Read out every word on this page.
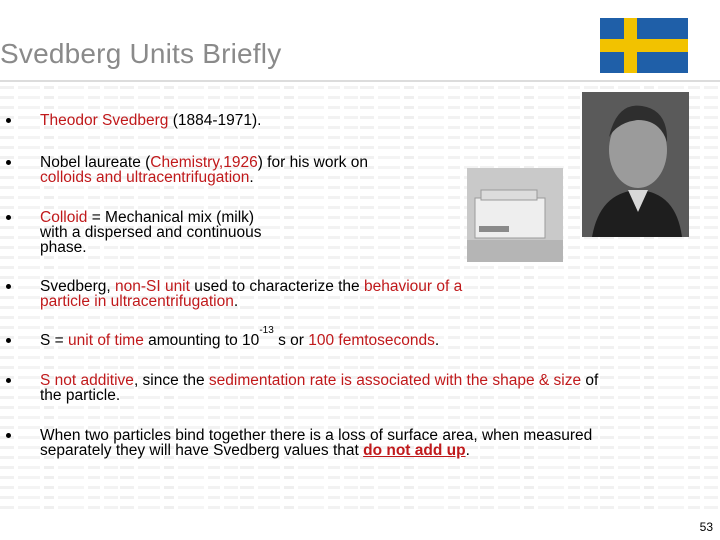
Svedberg Units Briefly
Theodor Svedberg (1884-1971).
Nobel laureate (Chemistry,1926) for his work on
colloids and ultracentrifugation.
Colloid = Mechanical mix (milk)
with a dispersed and continuous
phase.
Svedberg, non-SI unit used to characterize the behaviour of a
particle in ultracentrifugation.
S = unit of time amounting to $10^{-13}$ s or 100 femtoseconds.
S not additive, since the sedimentation rate is associated with the shape & size of
the particle.
When two particles bind together there is a loss of surface area, when measured
separately they will have Svedberg values that do not add up.
53
